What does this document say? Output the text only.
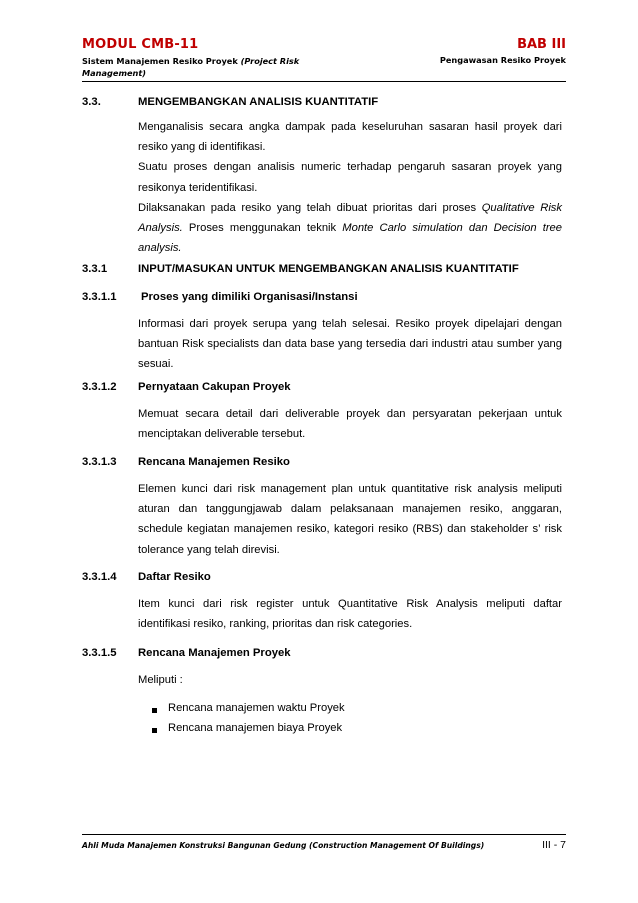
MODUL CMB-11	BAB III
Sistem Manajemen Resiko Proyek (Project Risk Management)
Pengawasan Resiko Proyek
3.3.	MENGEMBANGKAN ANALISIS KUANTITATIF

Menganalisis secara angka dampak pada keseluruhan sasaran hasil proyek dari resiko yang di identifikasi.

Suatu proses dengan analisis numeric terhadap pengaruh sasaran proyek yang resikonya teridentifikasi.

Dilaksanakan pada resiko yang telah dibuat prioritas dari proses Qualitative Risk Analysis. Proses menggunakan teknik Monte Carlo simulation dan Decision tree analysis.

3.3.1	INPUT/MASUKAN UNTUK MENGEMBANGKAN ANALISIS KUANTITATIF
3.3.1.1 Proses yang dimiliki Organisasi/Instansi

Informasi dari proyek serupa yang telah selesai. Resiko proyek dipelajari dengan bantuan Risk specialists dan data base yang tersedia dari industri atau sumber yang sesuai.

3.3.1.2 Pernyataan Cakupan Proyek

Memuat secara detail dari deliverable proyek dan persyaratan pekerjaan untuk menciptakan deliverable tersebut.

3.3.1.3 Rencana Manajemen Resiko

Elemen kunci dari risk management plan untuk quantitative risk analysis meliputi aturan dan tanggungjawab dalam pelaksanaan manajemen resiko, anggaran, schedule kegiatan manajemen resiko, kategori resiko (RBS) dan stakeholder s’ risk tolerance yang telah direvisi.

3.3.1.4 Daftar Resiko

Item kunci dari risk register untuk Quantitative Risk Analysis meliputi daftar identifikasi resiko, ranking, prioritas dan risk categories.

3.3.1.5 Rencana Manajemen Proyek

Meliputi :

Rencana manajemen waktu Proyek
Rencana manajemen biaya Proyek
Ahli Muda Manajemen Konstruksi Bangunan Gedung (Construction Management Of Buildings)	III - 7
